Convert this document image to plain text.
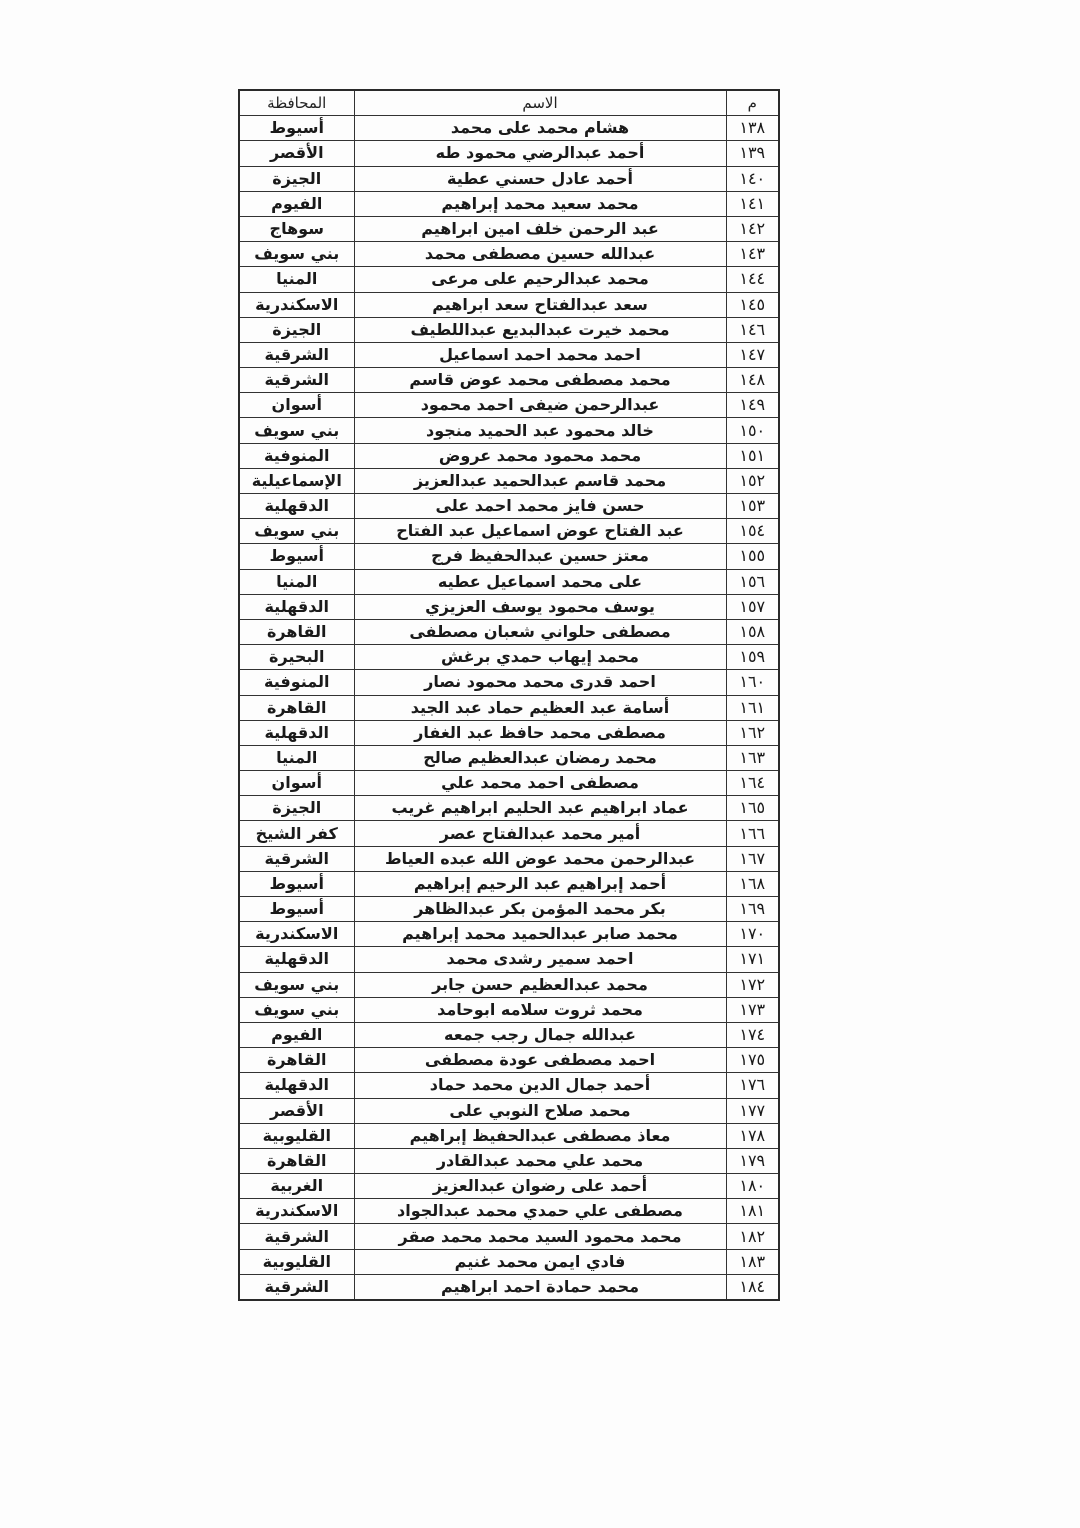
م	الاسم	المحافظة
١٣٨	هشام محمد على محمد	أسيوط
١٣٩	أحمد عبدالرضي محمود طه	الأقصر
١٤٠	أحمد عادل حسني عطية	الجيزة
١٤١	محمد سعيد محمد إبراهيم	الفيوم
١٤٢	عبد الرحمن خلف امين ابراهيم	سوهاج
١٤٣	عبدالله حسين مصطفى محمد	بني سويف
١٤٤	محمد عبدالرحيم على مرعى	المنيا
١٤٥	سعد عبدالفتاح سعد ابراهيم	الاسكندرية
١٤٦	محمد خيرت عبدالبديع عبداللطيف	الجيزة
١٤٧	احمد محمد احمد اسماعيل	الشرقية
١٤٨	محمد مصطفى محمد عوض قاسم	الشرقية
١٤٩	عبدالرحمن ضيفى احمد محمود	أسوان
١٥٠	خالد محمود عبد الحميد منجود	بني سويف
١٥١	محمد محمود محمد عروض	المنوفية
١٥٢	محمد قاسم عبدالحميد عبدالعزيز	الإسماعيلية
١٥٣	حسن فايز محمد احمد على	الدقهلية
١٥٤	عبد الفتاح عوض اسماعيل عبد الفتاح	بني سويف
١٥٥	معتز حسين عبدالحفيظ فرج	أسيوط
١٥٦	على محمد اسماعيل عطيه	المنيا
١٥٧	يوسف محمود يوسف العزيزي	الدقهلية
١٥٨	مصطفى حلواني شعبان مصطفى	القاهرة
١٥٩	محمد إيهاب حمدي برغش	البحيرة
١٦٠	احمد قدرى محمد محمود نصار	المنوفية
١٦١	أسامة عبد العظيم حماد عبد الجيد	القاهرة
١٦٢	مصطفى محمد حافظ عبد الغفار	الدقهلية
١٦٣	محمد رمضان عبدالعظيم صالح	المنيا
١٦٤	مصطفى احمد محمد علي	أسوان
١٦٥	عماد ابراهيم عبد الحليم ابراهيم غريب	الجيزة
١٦٦	أمير محمد عبدالفتاح عصر	كفر الشيخ
١٦٧	عبدالرحمن محمد عوض الله عبده العياط	الشرقية
١٦٨	أحمد إبراهيم عبد الرحيم إبراهيم	أسيوط
١٦٩	بكر محمد المؤمن بكر عبدالظاهر	أسيوط
١٧٠	محمد صابر عبدالحميد محمد إبراهيم	الاسكندرية
١٧١	احمد سمير رشدى محمد	الدقهلية
١٧٢	محمد عبدالعظيم حسن جابر	بني سويف
١٧٣	محمد ثروت سلامه ابوحامد	بني سويف
١٧٤	عبدالله جمال رجب جمعه	الفيوم
١٧٥	احمد مصطفى عودة مصطفى	القاهرة
١٧٦	أحمد جمال الدين محمد حماد	الدقهلية
١٧٧	محمد صلاح النوبي على	الأقصر
١٧٨	معاذ مصطفى عبدالحفيظ إبراهيم	القليوبية
١٧٩	محمد علي محمد عبدالقادر	القاهرة
١٨٠	أحمد على رضوان عبدالعزيز	الغربية
١٨١	مصطفى علي حمدي محمد عبدالجواد	الاسكندرية
١٨٢	محمد محمود السيد محمد محمد صقر	الشرقية
١٨٣	فادي ايمن محمد غنيم	القليوبية
١٨٤	محمد حمادة احمد ابراهيم	الشرقية
